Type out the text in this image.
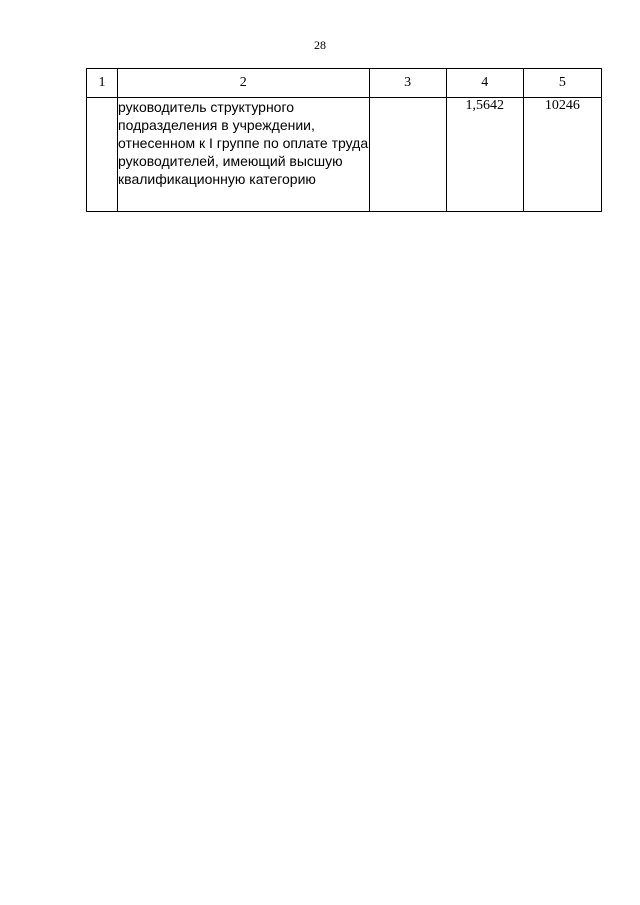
28
1	2	3	4	5
	руководитель структурного подразделения в учреждении, отнесенном к I группе по оплате труда руководителей, имеющий высшую квалификационную категорию		1,5642	10246
